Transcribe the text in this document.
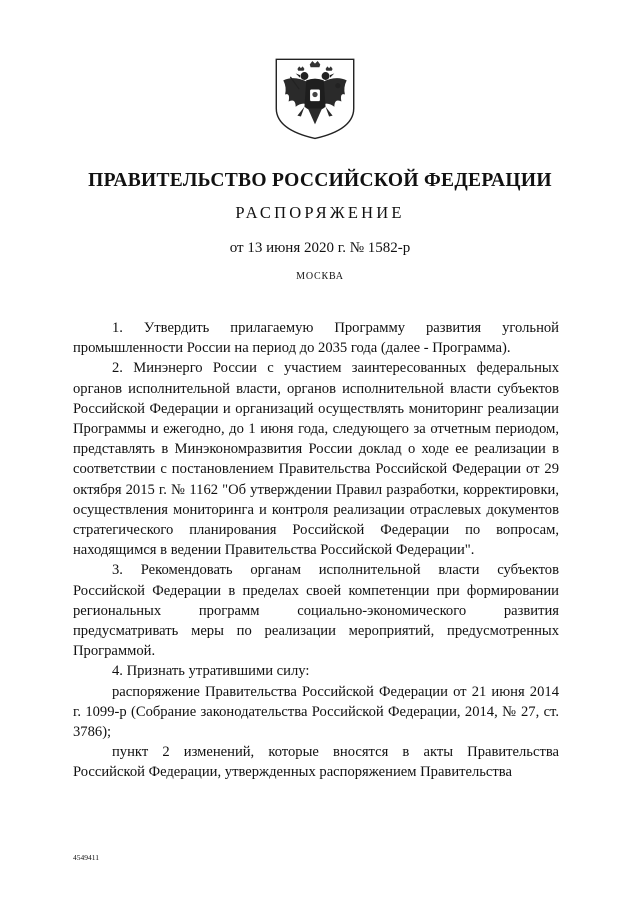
ПРАВИТЕЛЬСТВО РОССИЙСКОЙ ФЕДЕРАЦИИ
РАСПОРЯЖЕНИЕ
от 13 июня 2020 г. № 1582-р
МОСКВА

1. Утвердить прилагаемую Программу развития угольной промышленности России на период до 2035 года (далее - Программа).

2. Минэнерго России с участием заинтересованных федеральных органов исполнительной власти, органов исполнительной власти субъектов Российской Федерации и организаций осуществлять мониторинг реализации Программы и ежегодно, до 1 июня года, следующего за отчетным периодом, представлять в Минэкономразвития России доклад о ходе ее реализации в соответствии с постановлением Правительства Российской Федерации от 29 октября 2015 г. № 1162 "Об утверждении Правил разработки, корректировки, осуществления мониторинга и контроля реализации отраслевых документов стратегического планирования Российской Федерации по вопросам, находящимся в ведении Правительства Российской Федерации".

3. Рекомендовать органам исполнительной власти субъектов Российской Федерации в пределах своей компетенции при формировании региональных программ социально-экономического развития предусматривать меры по реализации мероприятий, предусмотренных Программой.

4. Признать утратившими силу:

распоряжение Правительства Российской Федерации от 21 июня 2014 г. 1099-р (Собрание законодательства Российской Федерации, 2014, № 27, ст. 3786);

пункт 2 изменений, которые вносятся в акты Правительства Российской Федерации, утвержденных распоряжением Правительства

4549411
